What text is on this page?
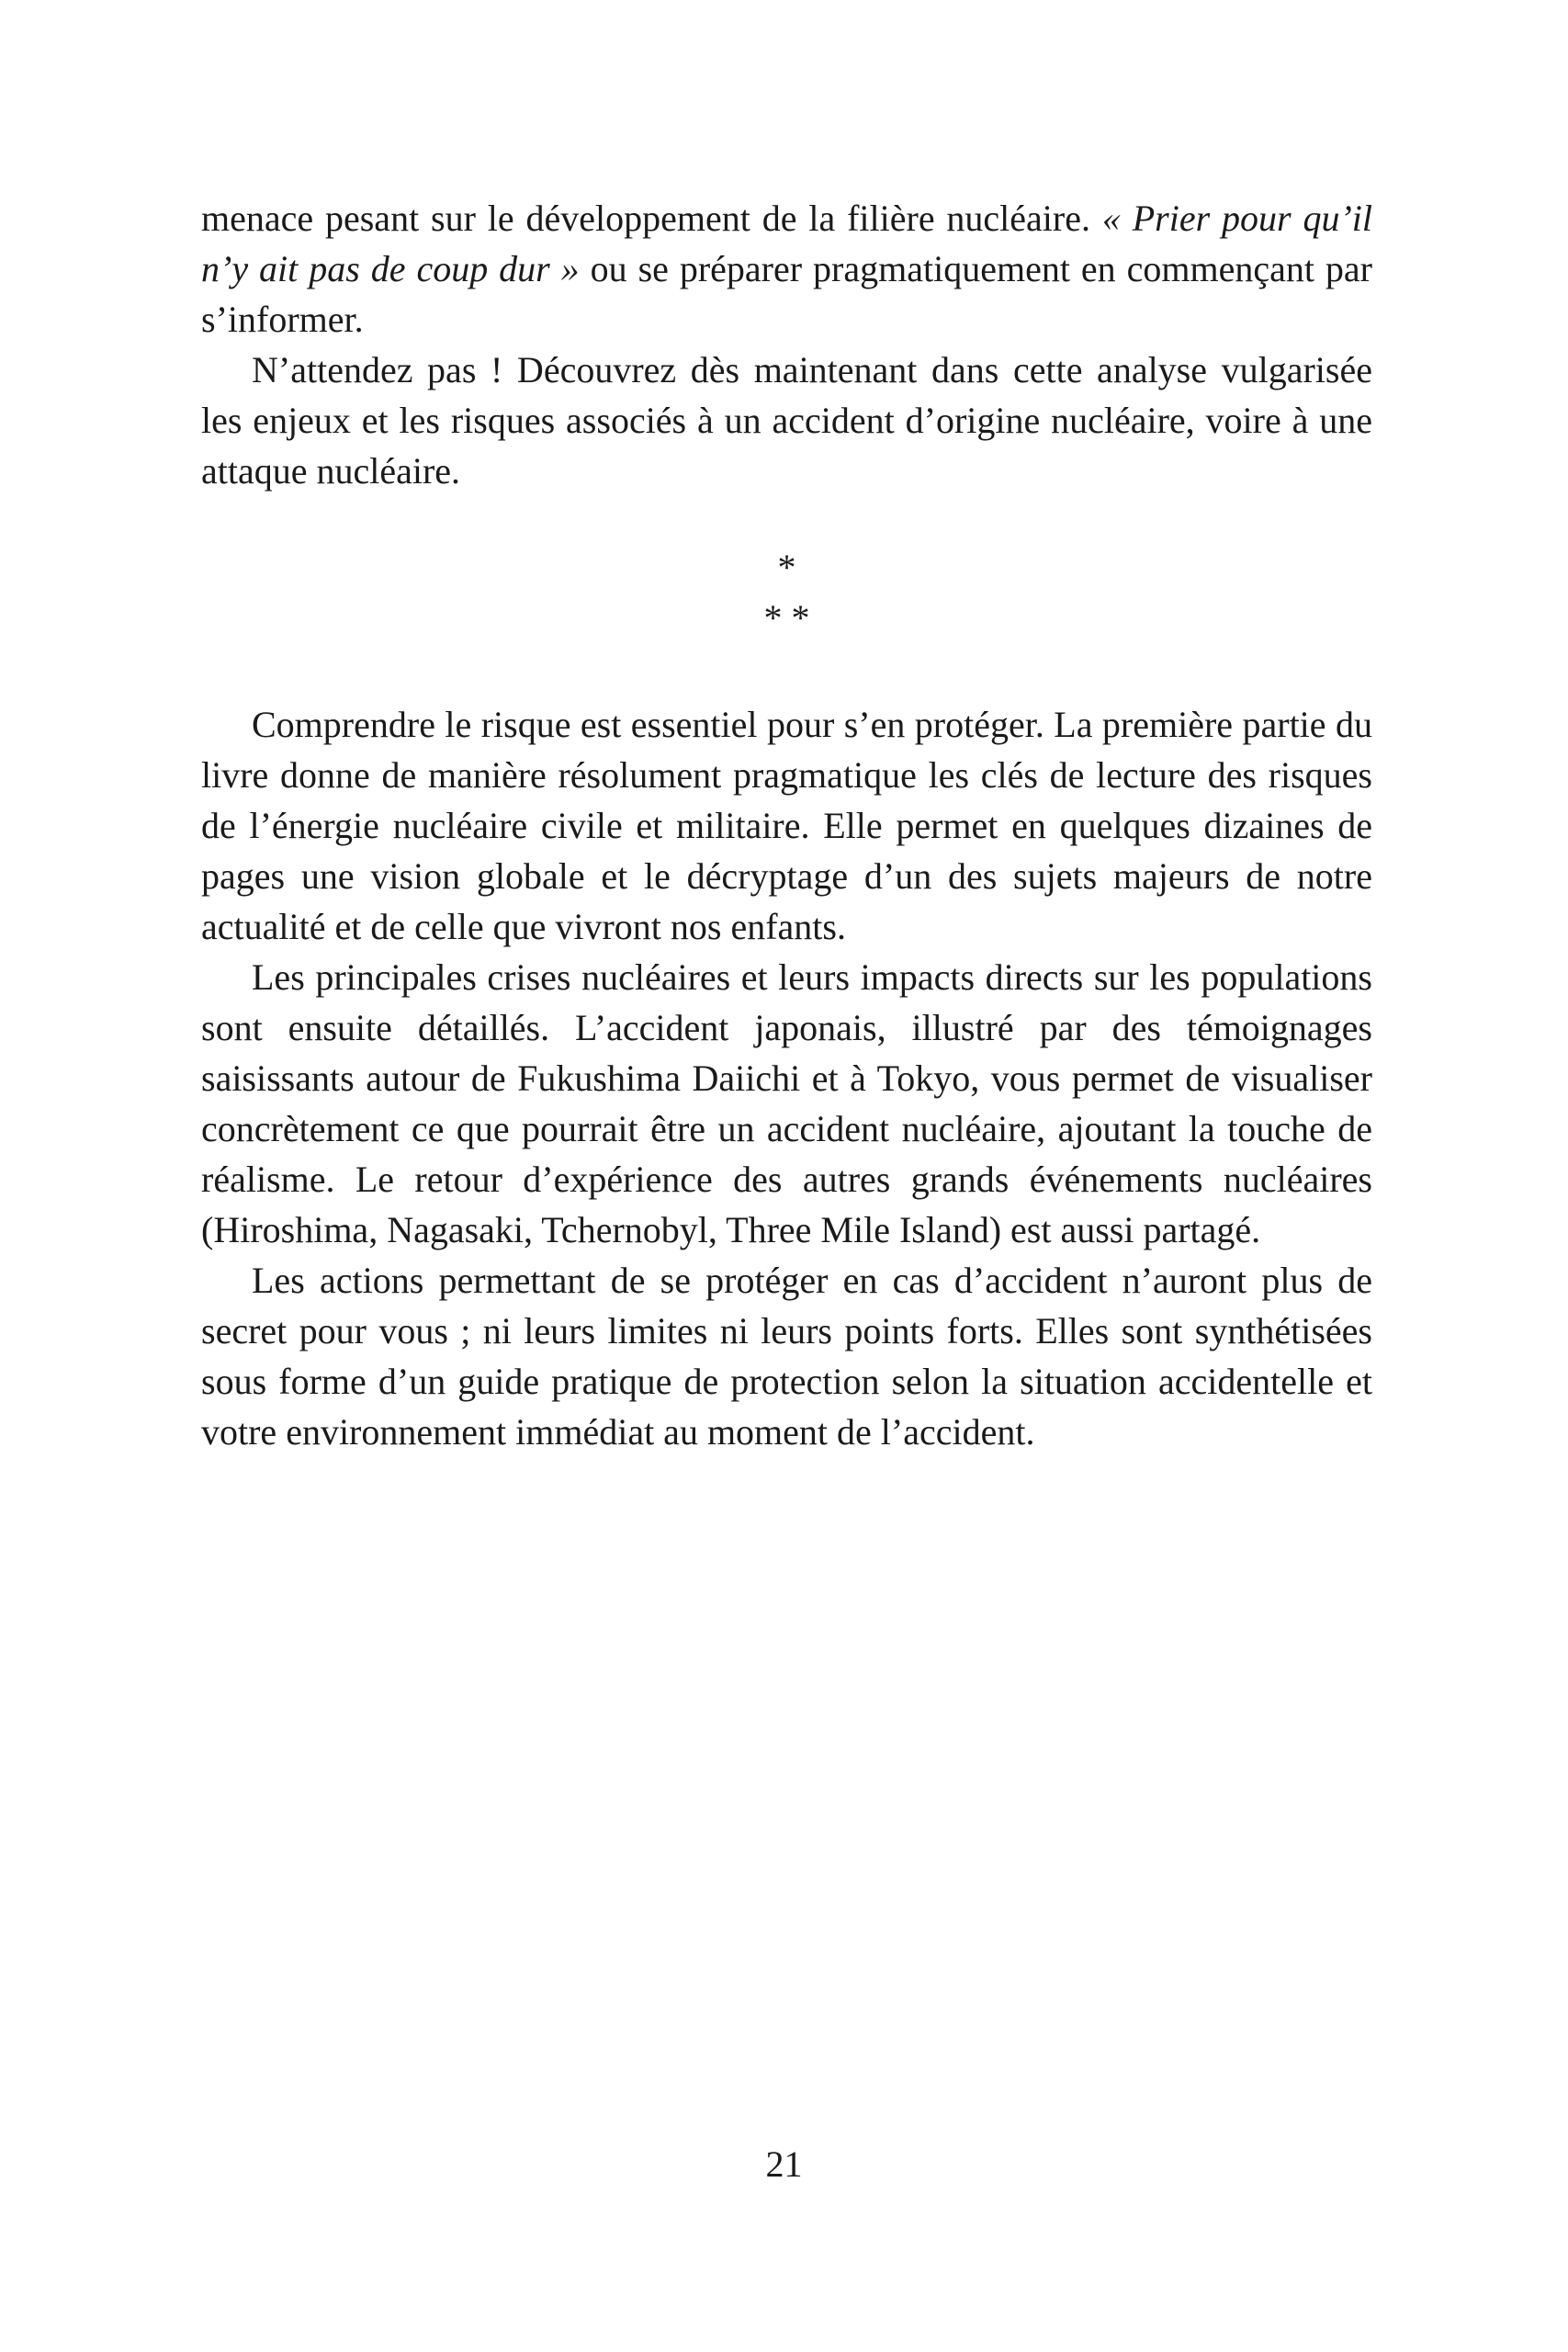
menace pesant sur le développement de la filière nucléaire. « Prier pour qu’il n’y ait pas de coup dur » ou se préparer pragmatiquement en commençant par s’informer.

N’attendez pas ! Découvrez dès maintenant dans cette analyse vulgarisée les enjeux et les risques associés à un accident d’origine nucléaire, voire à une attaque nucléaire.

*
* *

Comprendre le risque est essentiel pour s’en protéger. La première partie du livre donne de manière résolument pragmatique les clés de lecture des risques de l’énergie nucléaire civile et militaire. Elle permet en quelques dizaines de pages une vision globale et le décryptage d’un des sujets majeurs de notre actualité et de celle que vivront nos enfants.

Les principales crises nucléaires et leurs impacts directs sur les populations sont ensuite détaillés. L’accident japonais, illustré par des témoignages saisissants autour de Fukushima Daiichi et à Tokyo, vous permet de visualiser concrètement ce que pourrait être un accident nucléaire, ajoutant la touche de réalisme. Le retour d’expérience des autres grands événements nucléaires (Hiroshima, Nagasaki, Tchernobyl, Three Mile Island) est aussi partagé.

Les actions permettant de se protéger en cas d’accident n’auront plus de secret pour vous ; ni leurs limites ni leurs points forts. Elles sont synthétisées sous forme d’un guide pratique de protection selon la situation accidentelle et votre environnement immédiat au moment de l’accident.

21
